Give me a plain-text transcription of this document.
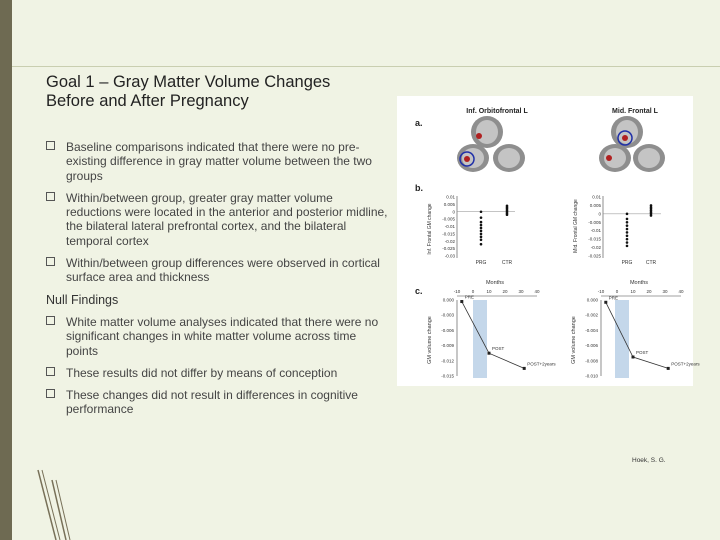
Goal 1 – Gray Matter Volume Changes Before and After Pregnancy
Baseline comparisons indicated that there were no pre-existing difference in gray matter volume between the two groups
Within/between group, greater gray matter volume reductions were located in the anterior and posterior midline, the bilateral lateral prefrontal cortex, and the bilateral temporal cortex
Within/between group differences were observed in cortical surface area and thickness
Null Findings
White matter volume analyses indicated that there were no significant changes in white matter volume across time points
These results did not differ by means of conception
These changes did not result in differences in cognitive performance
a.
b.
c.
Inf. Orbitofrontal L	Mid. Frontal L
Inf. Frontal GM change	Mid. Frontal GM change
0.01
0.005
0
-0.005
-0.01
-0.015
-0.02
-0.025
-0.03
PRG	CTR
0.01
0.005
0
-0.005
-0.01
-0.015
-0.02
-0.025
PRG	CTR
GM volume change	GM volume change
Months	Months
0.000
-0.003
-0.006
-0.009
-0.012
-0.015
-10	0	10 20 30 40
PRE
POST
POST+2years
0.000
-0.002
-0.004
-0.006
-0.008
-0.010
-10	0	10 20 30 40
PRE
POST
POST+2years
Hoek, S. G.
